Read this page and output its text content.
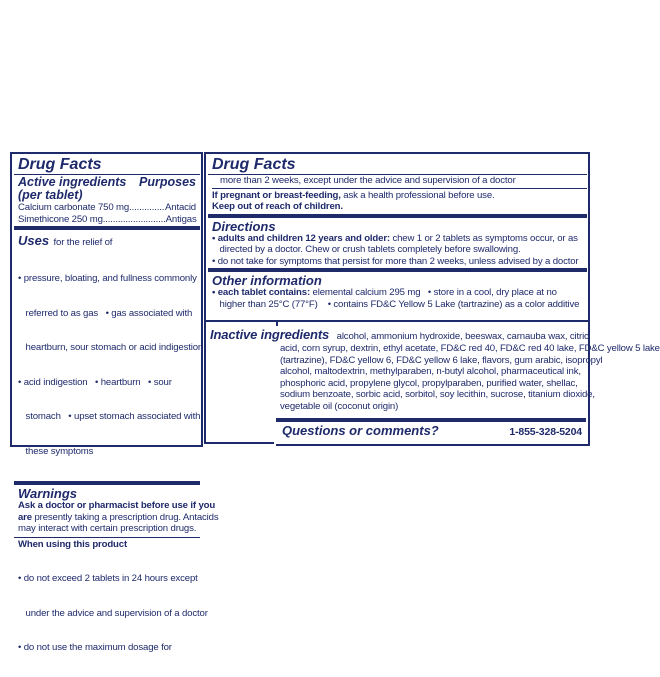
Drug Facts
Active ingredients Purposes
(per tablet)
Calcium carbonate 750 mg .............. Antacid
Simethicone 250 mg ......................... Antigas
Uses for the relief of

• pressure, bloating, and fullness commonly

referred to as gas   • gas associated with

heartburn, sour stomach or acid indigestion

• acid indigestion   • heartburn   • sour

stomach   • upset stomach associated with

these symptoms

Warnings
Ask a doctor or pharmacist before use if you
are presently taking a prescription drug. Antacids
may interact with certain prescription drugs.
When using this product

• do not exceed 2 tablets in 24 hours except

under the advice and supervision of a doctor

• do not use the maximum dosage for

Drug Facts
more than 2 weeks, except under the advice and supervision of a doctor
If pregnant or breast-feeding, ask a health professional before use.
Keep out of reach of children.
Directions
• adults and children 12 years and older: chew 1 or 2 tablets as symptoms occur, or as
directed by a doctor. Chew or crush tablets completely before swallowing.
• do not take for symptoms that persist for more than 2 weeks, unless advised by a doctor
Other information
• each tablet contains: elemental calcium 295 mg   • store in a cool, dry place at no
higher than 25°C (77°F)    • contains FD&C Yellow 5 Lake (tartrazine) as a color additive
Inactive ingredients   alcohol, ammonium hydroxide, beeswax, carnauba wax, citric
acid, corn syrup, dextrin, ethyl acetate, FD&C red 40, FD&C red 40 lake, FD&C yellow 5 lake
(tartrazine), FD&C yellow 6, FD&C yellow 6 lake, flavors, gum arabic, isopropyl
alcohol, maltodextrin, methylparaben, n-butyl alcohol, pharmaceutical ink,
phosphoric acid, propylene glycol, propylparaben, purified water, shellac,
sodium benzoate, sorbic acid, sorbitol, soy lecithin, sucrose, titanium dioxide,
vegetable oil (coconut origin)
Questions or comments?	1-855-328-5204
